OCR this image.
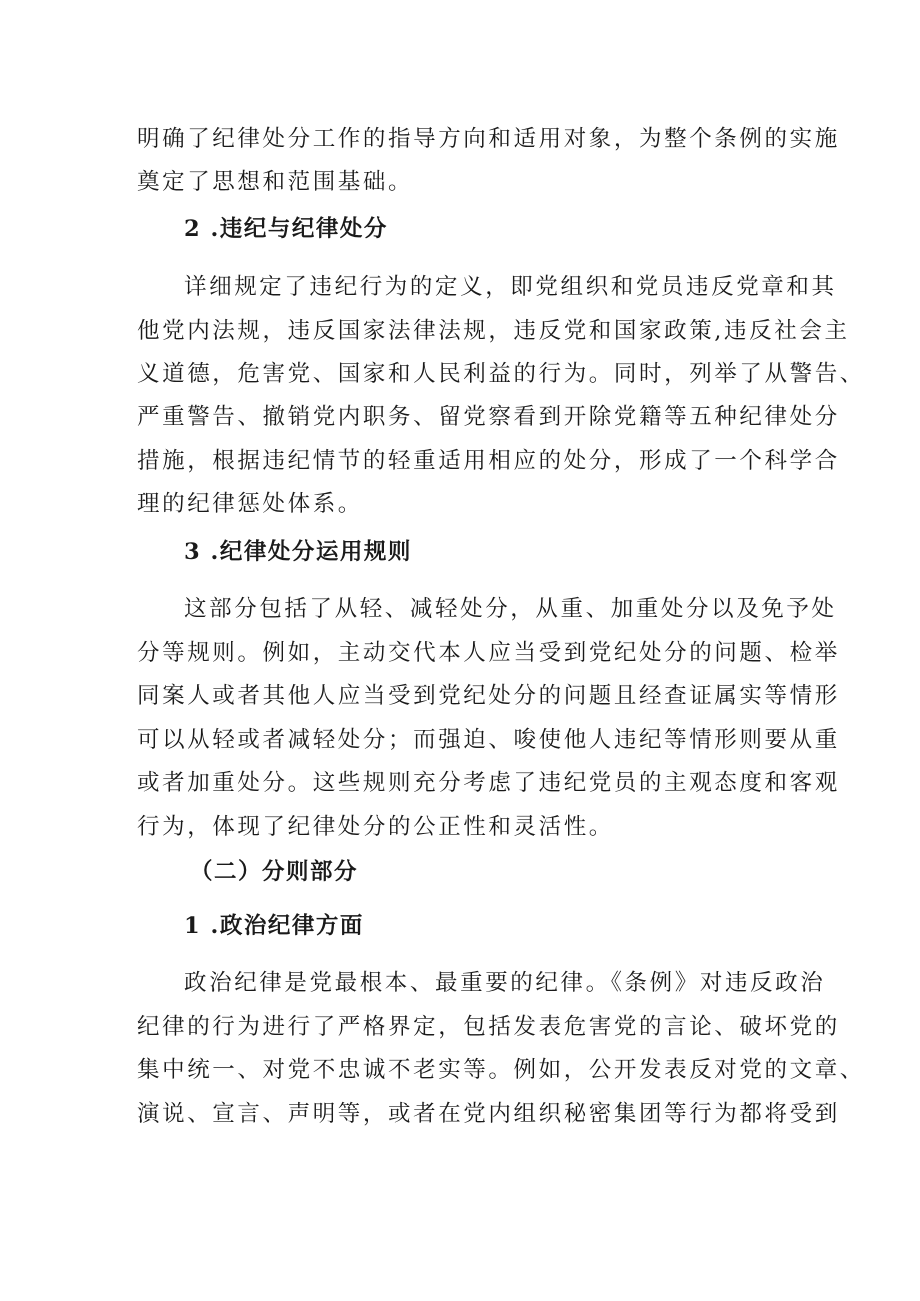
明确了纪律处分工作的指导方向和适用对象，为整个条例的实施
奠定了思想和范围基础。
2 .违纪与纪律处分
详细规定了违纪行为的定义，即党组织和党员违反党章和其
他党内法规，违反国家法律法规，违反党和国家政策,违反社会主
义道德，危害党、国家和人民利益的行为。同时，列举了从警告、
严重警告、撤销党内职务、留党察看到开除党籍等五种纪律处分
措施，根据违纪情节的轻重适用相应的处分，形成了一个科学合
理的纪律惩处体系。
3 .纪律处分运用规则
这部分包括了从轻、减轻处分，从重、加重处分以及免予处
分等规则。例如，主动交代本人应当受到党纪处分的问题、检举
同案人或者其他人应当受到党纪处分的问题且经查证属实等情形
可以从轻或者减轻处分；而强迫、唆使他人违纪等情形则要从重
或者加重处分。这些规则充分考虑了违纪党员的主观态度和客观
行为，体现了纪律处分的公正性和灵活性。
（二）分则部分
1 .政治纪律方面
政治纪律是党最根本、最重要的纪律。《条例》对违反政治
纪律的行为进行了严格界定，包括发表危害党的言论、破坏党的
集中统一、对党不忠诚不老实等。例如，公开发表反对党的文章、
演说、宣言、声明等，或者在党内组织秘密集团等行为都将受到
